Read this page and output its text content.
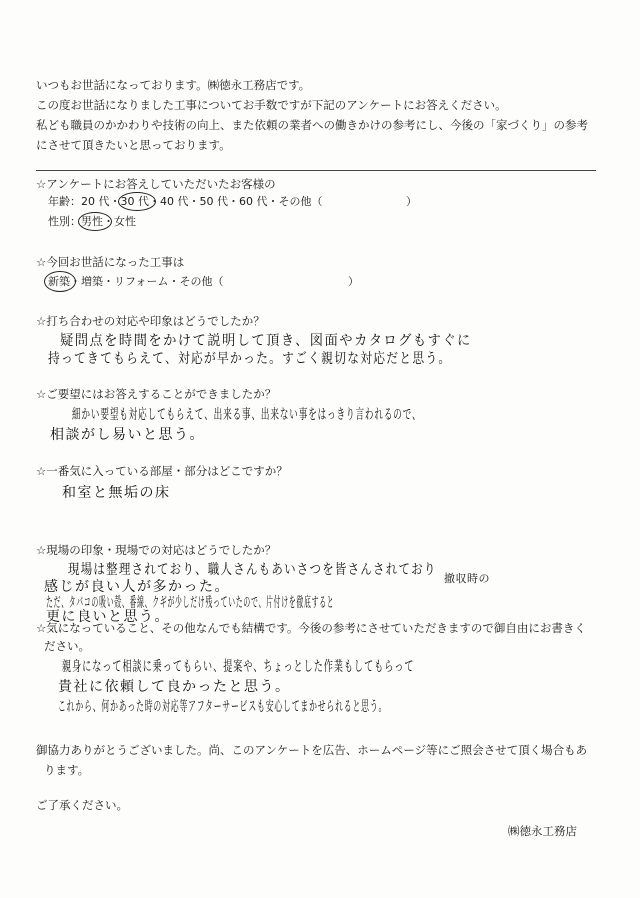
いつもお世話になっております。㈱徳永工務店です。
この度お世話になりました工事についてお手数ですが下記のアンケートにお答えください。
私ども職員のかかわりや技術の向上、また依頼の業者への働きかけの参考にし、今後の「家づくり」の参考
にさせて頂きたいと思っております。
☆アンケートにお答えしていただいたお客様の
年齢：20 代・30 代・40 代・50 代・60 代・その他（	）
性別：男性・女性
☆今回お世話になった工事は
新築・増築・リフォーム・その他（	）
☆打ち合わせの対応や印象はどうでしたか？
疑問点を時間をかけて説明して頂き、図面やカタログもすぐに
持ってきてもらえて、対応が早かった。すごく親切な対応だと思う。
☆ご要望にはお答えすることができましたか？
細かい要望も対応してもらえて、出来る事、出来ない事をはっきり言われるので、
相談がし易いと思う。
☆一番気に入っている部屋・部分はどこですか？
和室と無垢の床
☆現場の印象・現場での対応はどうでしたか？
現場は整理されており、職人さんもあいさつを皆さんされており
感じが良い人が多かった。
撤収時の
ただ、タバコの吸い殻、番線、クギが少しだけ残っていたので、片付けを徹底すると
更に良いと思う。
☆気になっていること、その他なんでも結構です。今後の参考にさせていただきますので御自由にお書きく
ださい。
親身になって相談に乗ってもらい、提案や、ちょっとした作業もしてもらって
貴社に依頼して良かったと思う。
これから、何かあった時の対応等アフターサービスも安心してまかせられると思う。
御協力ありがとうございました。尚、このアンケートを広告、ホームページ等にご照会させて頂く場合もあ
ります。
ご了承ください。
㈱徳永工務店
